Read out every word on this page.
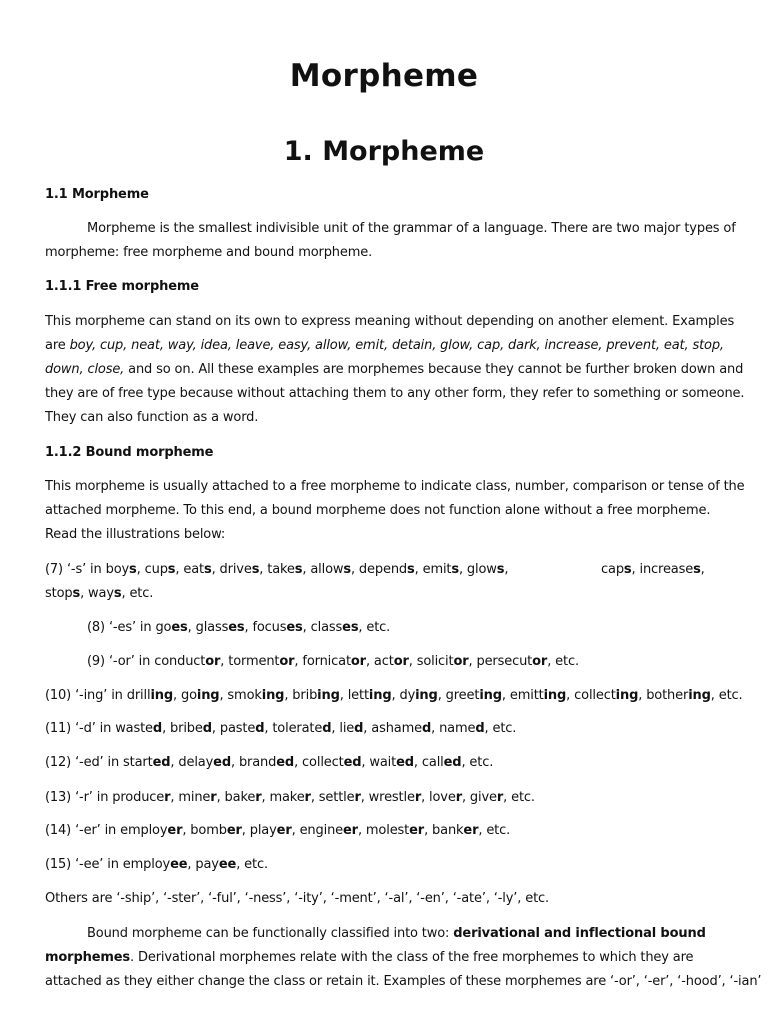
Morpheme
1. Morpheme
1.1 Morpheme
Morpheme is the smallest indivisible unit of the grammar of a language. There are two major types of
morpheme: free morpheme and bound morpheme.
1.1.1 Free morpheme
This morpheme can stand on its own to express meaning without depending on another element. Examples
are boy, cup, neat, way, idea, leave, easy, allow, emit, detain, glow, cap, dark, increase, prevent, eat, stop,
down, close, and so on. All these examples are morphemes because they cannot be further broken down and
they are of free type because without attaching them to any other form, they refer to something or someone.
They can also function as a word.
1.1.2 Bound morpheme
This morpheme is usually attached to a free morpheme to indicate class, number, comparison or tense of the
attached morpheme. To this end, a bound morpheme does not function alone without a free morpheme.
Read the illustrations below:
(7) ‘-s’ in boys, cups, eats, drives, takes, allows, depends, emits, glows,	caps, increases,
stops, ways, etc.
(8) ‘-es’ in goes, glasses, focuses, classes, etc.
(9) ‘-or’ in conductor, tormentor, fornicator, actor, solicitor, persecutor, etc.
(10) ‘-ing’ in drilling, going, smoking, bribing, letting, dying, greeting, emitting, collecting, bothering, etc.
(11) ‘-d’ in wasted, bribed, pasted, tolerated, lied, ashamed, named, etc.
(12) ‘-ed’ in started, delayed, branded, collected, waited, called, etc.
(13) ‘-r’ in producer, miner, baker, maker, settler, wrestler, lover, giver, etc.
(14) ‘-er’ in employer, bomber, player, engineer, molester, banker, etc.
(15) ‘-ee’ in employee, payee, etc.
Others are ‘-ship’, ‘-ster’, ‘-ful’, ‘-ness’, ‘-ity’, ‘-ment’, ‘-al’, ‘-en’, ‘-ate’, ‘-ly’, etc.
Bound morpheme can be functionally classified into two: derivational and inflectional bound
morphemes. Derivational morphemes relate with the class of the free morphemes to which they are
attached as they either change the class or retain it. Examples of these morphemes are ‘-or’, ‘-er’, ‘-hood’, ‘-ian’
